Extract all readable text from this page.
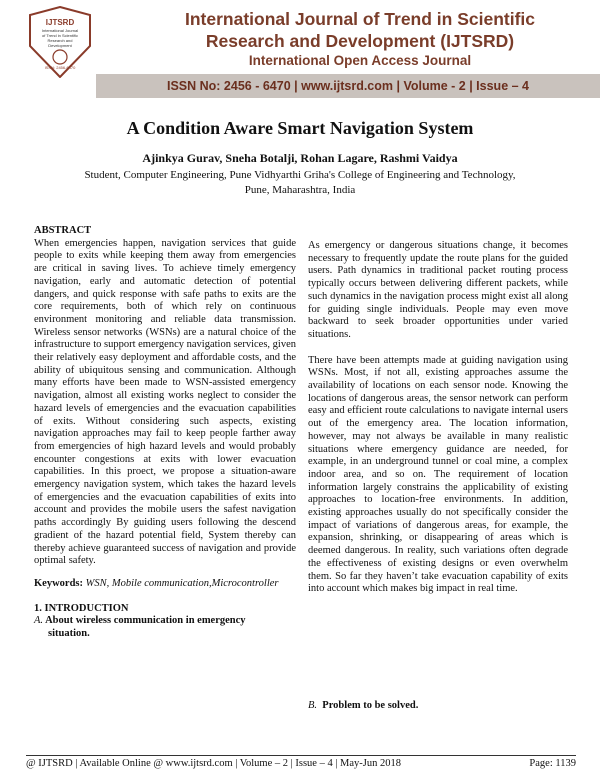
IJTSRD
International Journal
of Trend in Scientific
Research and
Development
ISSN: 2456-6470
International Journal of Trend in Scientific
Research and Development (IJTSRD)
International Open Access Journal
ISSN No: 2456 - 6470 | www.ijtsrd.com | Volume - 2 | Issue – 4
A Condition Aware Smart Navigation System
Ajinkya Gurav, Sneha Botalji, Rohan Lagare, Rashmi Vaidya
Student, Computer Engineering, Pune Vidhyarthi Griha's College of Engineering and Technology,
Pune, Maharashtra, India

ABSTRACT

When emergencies happen, navigation services that guide people to exits while keeping them away from emergencies are critical in saving lives. To achieve timely emergency navigation, early and automatic detection of potential dangers, and quick response with safe paths to exits are the core requirements, both of which rely on continuous environment monitoring and reliable data transmission. Wireless sensor networks (WSNs) are a natural choice of the infrastructure to support emergency navigation services, given their relatively easy deployment and affordable costs, and the ability of ubiquitous sensing and communication. Although many efforts have been made to WSN-assisted emergency navigation, almost all existing works neglect to consider the hazard levels of emergencies and the evacuation capabilities of exits. Without considering such aspects, existing navigation approaches may fail to keep people farther away from emergencies of high hazard levels and would probably encounter congestions at exits with lower evacuation capabilities. In this proect, we propose a situation-aware emergency navigation system, which takes the hazard levels of emergencies and the evacuation capabilities of exits into account and provides the mobile users the safest navigation paths accordingly By guiding users following the descend gradient of the hazard potential field, System thereby can thereby achieve guaranteed success of navigation and provide optimal safety.

Keywords: WSN, Mobile communication,Microcontroller

1. INTRODUCTION

A. About wireless communication in emergency

situation.

As emergency or dangerous situations change, it becomes necessary to frequently update the route plans for the guided users. Path dynamics in traditional packet routing process typically occurs between delivering different packets, while such dynamics in the navigation process might exist all along for guiding single individuals. People may even move backward to seek broader opportunities under varied situations.

There have been attempts made at guiding navigation using WSNs. Most, if not all, existing approaches assume the availability of locations on each sensor node. Knowing the locations of dangerous areas, the sensor network can perform easy and efficient route calculations to navigate internal users out of the emergency area. The location information, however, may not always be available in many realistic situations where emergency guidance are needed, for example, in an underground tunnel or coal mine, a complex indoor area, and so on. The requirement of location information largely constrains the applicability of existing approaches to location-free environments. In addition, existing approaches usually do not specifically consider the impact of variations of dangerous areas, for example, the expansion, shrinking, or disappearing of areas which is deemed dangerous. In reality, such variations often degrade the effectiveness of existing designs or even overwhelm them. So far they haven’t take evacuation capability of exits into account which makes big impact in real time.

B. Problem to be solved.
@ IJTSRD | Available Online @ www.ijtsrd.com | Volume – 2 | Issue – 4 | May-Jun 2018	Page: 1139
